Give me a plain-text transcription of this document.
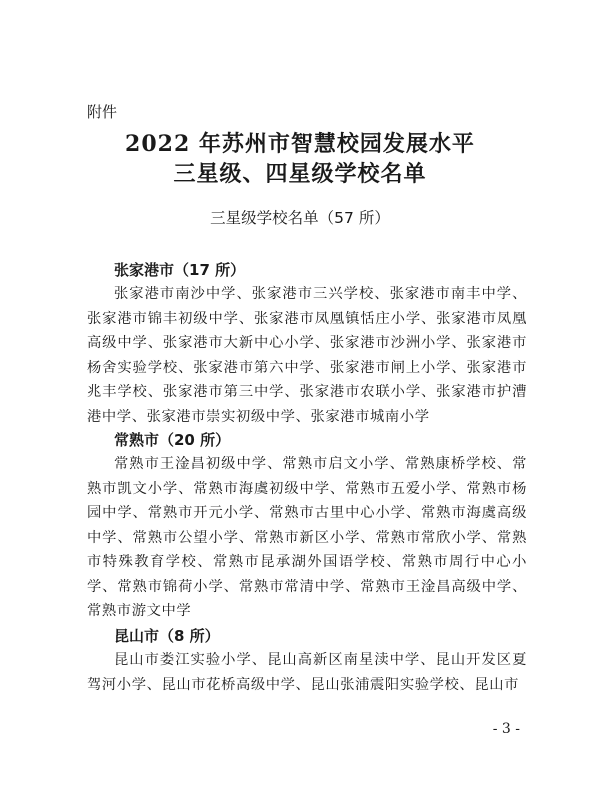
附件
2022 年苏州市智慧校园发展水平
三星级、四星级学校名单
三星级学校名单（57 所）
张家港市（17 所）
张家港市南沙中学、张家港市三兴学校、张家港市南丰中学、张家港市锦丰初级中学、张家港市凤凰镇恬庄小学、张家港市凤凰高级中学、张家港市大新中心小学、张家港市沙洲小学、张家港市杨舍实验学校、张家港市第六中学、张家港市闸上小学、张家港市兆丰学校、张家港市第三中学、张家港市农联小学、张家港市护漕港中学、张家港市崇实初级中学、张家港市城南小学
常熟市（20 所）
常熟市王淦昌初级中学、常熟市启文小学、常熟康桥学校、常熟市凯文小学、常熟市海虞初级中学、常熟市五爱小学、常熟市杨园中学、常熟市开元小学、常熟市古里中心小学、常熟市海虞高级中学、常熟市公望小学、常熟市新区小学、常熟市常欣小学、常熟市特殊教育学校、常熟市昆承湖外国语学校、常熟市周行中心小学、常熟市锦荷小学、常熟市常清中学、常熟市王淦昌高级中学、常熟市游文中学
昆山市（8 所）
昆山市娄江实验小学、昆山高新区南星渎中学、昆山开发区夏驾河小学、昆山市花桥高级中学、昆山张浦震阳实验学校、昆山市
- 3 -
